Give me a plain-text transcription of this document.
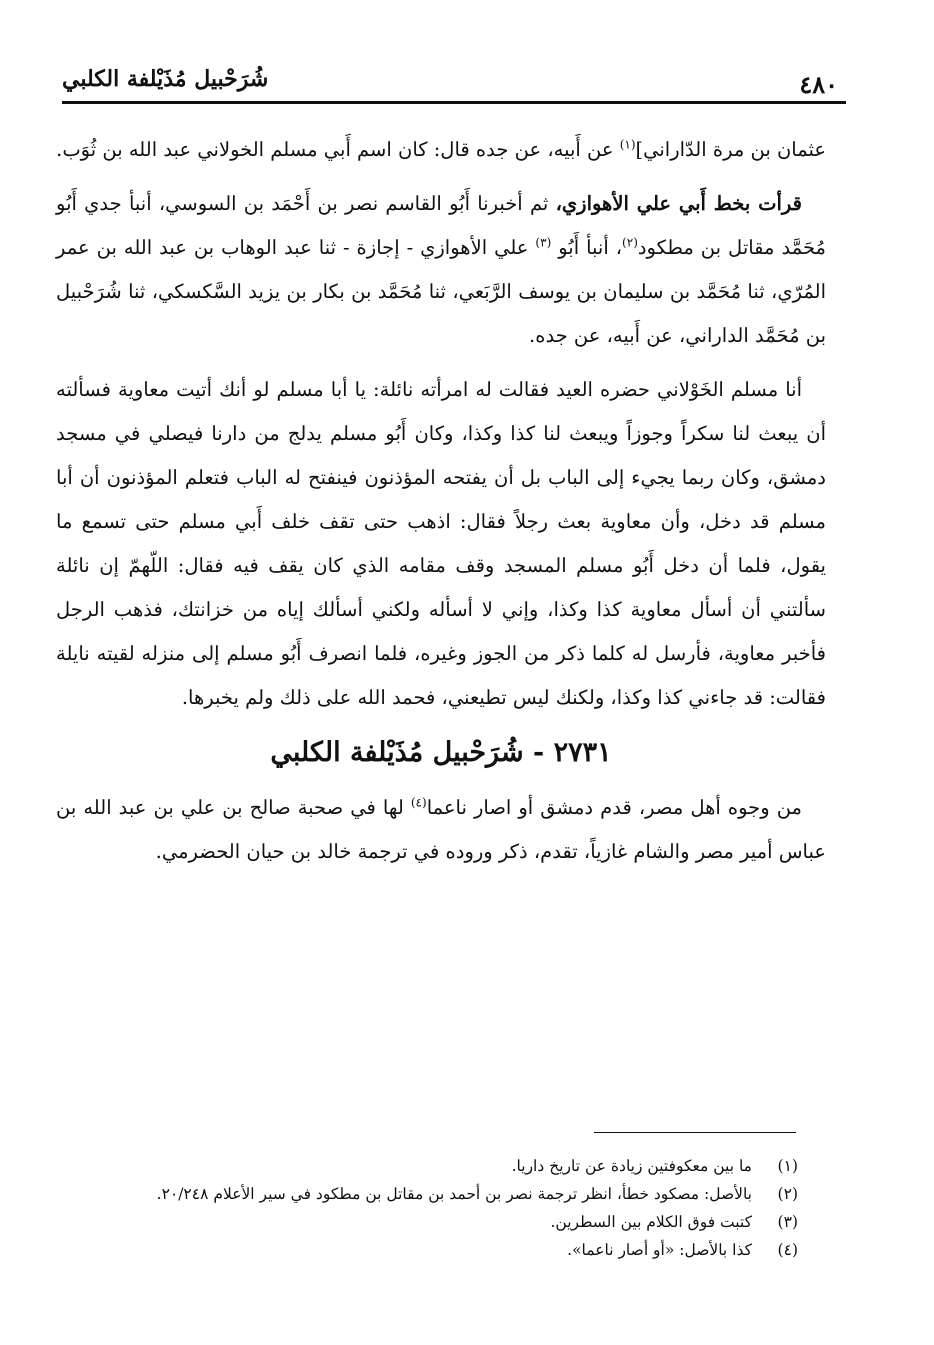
٤٨٠
شُرَحْبيل مُذَيْلفة الكلبي

عثمان بن مرة الدّاراني]$^{(١)}$ عن أَبيه، عن جده قال: كان اسم أَبي مسلم الخولاني عبد الله بن ثُوَب.

قرأت بخط أَبي علي الأهوازي، ثم أخبرنا أَبُو القاسم نصر بن أَحْمَد بن السوسي، أنبأ جدي أَبُو مُحَمَّد مقاتل بن مطكود$^{(٢)}$، أنبأ أَبُو $^{(٣)}$ علي الأهوازي - إجازة - ثنا عبد الوهاب بن عبد الله بن عمر المُرّي، ثنا مُحَمَّد بن سليمان بن يوسف الرَّبَعي، ثنا مُحَمَّد بن بكار بن يزيد السَّكسكي، ثنا شُرَحْبيل بن مُحَمَّد الداراني، عن أَبيه، عن جده.

أنا مسلم الخَوْلاني حضره العيد فقالت له امرأته نائلة: يا أبا مسلم لو أنك أتيت معاوية فسألته أن يبعث لنا سكراً وجوزاً ويبعث لنا كذا وكذا، وكان أَبُو مسلم يدلج من دارنا فيصلي في مسجد دمشق، وكان ربما يجيء إلى الباب بل أن يفتحه المؤذنون فينفتح له الباب فتعلم المؤذنون أن أبا مسلم قد دخل، وأن معاوية بعث رجلاً فقال: اذهب حتى تقف خلف أَبي مسلم حتى تسمع ما يقول، فلما أن دخل أَبُو مسلم المسجد وقف مقامه الذي كان يقف فيه فقال: اللّهمّ إن نائلة سألتني أن أسأل معاوية كذا وكذا، وإني لا أسأله ولكني أسألك إياه من خزانتك، فذهب الرجل فأخبر معاوية، فأرسل له كلما ذكر من الجوز وغيره، فلما انصرف أَبُو مسلم إلى منزله لقيته نايلة فقالت: قد جاءني كذا وكذا، ولكنك ليس تطيعني، فحمد الله على ذلك ولم يخبرها.

٢٧٣١ - شُرَحْبيل مُذَيْلفة الكلبي

من وجوه أهل مصر، قدم دمشق أو اصار ناعما$^{(٤)}$ لها في صحبة صالح بن علي بن عبد الله بن عباس أمير مصر والشام غازياً، تقدم، ذكر وروده في ترجمة خالد بن حيان الحضرمي.

(١)
ما بين معكوفتين زيادة عن تاريخ داريا.
(٢)
بالأصل: مصكود خطأ، انظر ترجمة نصر بن أحمد بن مقاتل بن مطكود في سير الأعلام ٢٠/٢٤٨.
(٣)
كتبت فوق الكلام بين السطرين.
(٤)
كذا بالأصل: «أو أصار ناعما».
